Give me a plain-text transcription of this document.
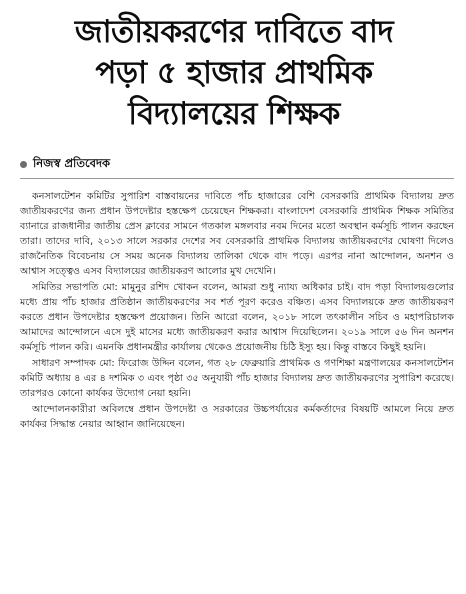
জাতীয়করণের দাবিতে বাদ
পড়া ৫ হাজার প্রাথমিক
বিদ্যালয়ের শিক্ষক
নিজস্ব প্রতিবেদক

কনসালটেশন কমিটির সুপারিশ বাস্তবায়নের দাবিতে পাঁচ হাজারের বেশি বেসরকারি প্রাথমিক বিদ্যালয় দ্রুত জাতীয়করণের জন্য প্রধান উপদেষ্টার হস্তক্ষেপ চেয়েছেন শিক্ষকরা। বাংলাদেশ বেসরকারি প্রাথমিক শিক্ষক সমিতির ব্যানারে রাজধানীর জাতীয় প্রেস ক্লাবের সামনে গতকাল মঙ্গলবার নবম দিনের মতো অবস্থান কর্মসূচি পালন করছেন তারা। তাদের দাবি, ২০১৩ সালে সরকার দেশের সব বেসরকারি প্রাথমিক বিদ্যালয় জাতীয়করণের ঘোষণা দিলেও রাজনৈতিক বিবেচনায় সে সময় অনেক বিদ্যালয় তালিকা থেকে বাদ পড়ে। এরপর নানা আন্দোলন, অনশন ও আশ্বাস সত্ত্বেও এসব বিদ্যালয়ের জাতীয়করণ আলোর মুখ দেখেনি।

সমিতির সভাপতি মো: মামুনুর রশিদ খোকন বলেন, আমরা শুধু ন্যায্য অধিকার চাই। বাদ পড়া বিদ্যালয়গুলোর মধ্যে প্রায় পাঁচ হাজার প্রতিষ্ঠান জাতীয়করণের সব শর্ত পূরণ করেও বঞ্চিত। এসব বিদ্যালয়কে দ্রুত জাতীয়করণ করতে প্রধান উপদেষ্টার হস্তক্ষেপ প্রয়োজন। তিনি আরো বলেন, ২০১৮ সালে তৎকালীন সচিব ও মহাপরিচালক আমাদের আন্দোলনে এসে দুই মাসের মধ্যে জাতীয়করণ করার আশ্বাস দিয়েছিলেন। ২০১৯ সালে ৫৬ দিন অনশন কর্মসূচি পালন করি। এমনকি প্রধানমন্ত্রীর কার্যালয় থেকেও প্রয়োজনীয় চিঠি ইস্যু হয়। কিন্তু বাস্তবে কিছুই হয়নি।

সাধারণ সম্পাদক মো: ফিরোজ উদ্দিন বলেন, গত ২৮ ফেব্রুয়ারি প্রাথমিক ও গণশিক্ষা মন্ত্রণালয়ের কনসালটেশন কমিটি অধ্যায় ৪ এর ৪ দশমিক ৩ এবং পৃষ্ঠা ৩৫ অনুযায়ী পাঁচ হাজার বিদ্যালয় দ্রুত জাতীয়করণের সুপারিশ করেছে। তারপরও কোনো কার্যকর উদ্যোগ নেয়া হয়নি।

আন্দোলনকারীরা অবিলম্বে প্রধান উপদেষ্টা ও সরকারের উচ্চপর্যায়ের কর্মকর্তাদের বিষয়টি আমলে নিয়ে দ্রুত কার্যকর সিদ্ধান্ত নেয়ার আহ্বান জানিয়েছেন।
